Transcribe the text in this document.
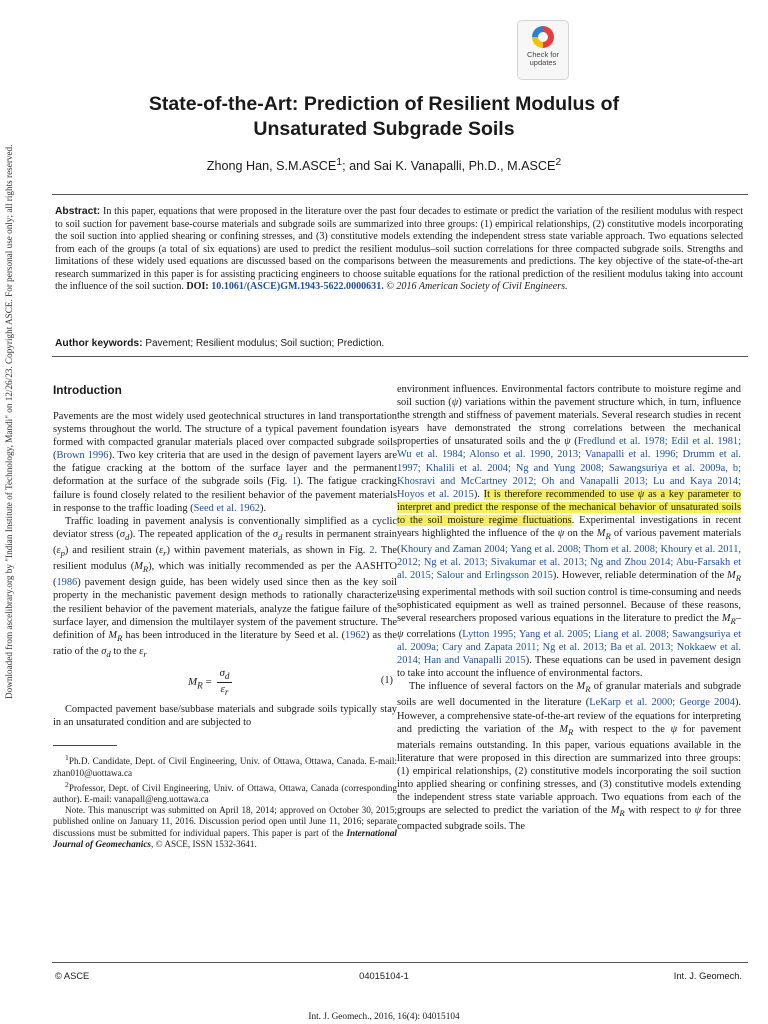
Downloaded from ascelibrary.org by "Indian Institute of Technology, Mandi" on 12/26/23. Copyright ASCE. For personal use only; all rights reserved.
Check for
updates
State-of-the-Art: Prediction of Resilient Modulus of
Unsaturated Subgrade Soils
Zhong Han, S.M.ASCE$^1$; and Sai K. Vanapalli, Ph.D., M.ASCE$^2$

Abstract: In this paper, equations that were proposed in the literature over the past four decades to estimate or predict the variation of the resilient modulus with respect to soil suction for pavement base-course materials and subgrade soils are summarized into three groups: (1) empirical relationships, (2) constitutive models incorporating the soil suction into applied shearing or confining stresses, and (3) constitutive models extending the independent stress state variable approach. Two equations selected from each of the groups (a total of six equations) are used to predict the resilient modulus–soil suction correlations for three compacted subgrade soils. Strengths and limitations of these widely used equations are discussed based on the comparisons between the measurements and predictions. The key objective of the state-of-the-art research summarized in this paper is for assisting practicing engineers to choose suitable equations for the rational prediction of the resilient modulus taking into account the influence of the soil suction. DOI: 10.1061/(ASCE)GM.1943-5622.0000631. © 2016 American Society of Civil Engineers.

Author keywords: Pavement; Resilient modulus; Soil suction; Prediction.
Introduction

Pavements are the most widely used geotechnical structures in land transportation systems throughout the world. The structure of a typical pavement foundation is formed with compacted granular materials placed over compacted subgrade soils (Brown 1996). Two key criteria that are used in the design of pavement layers are the fatigue cracking at the bottom of the surface layer and the permanent deformation at the surface of the subgrade soils (Fig. 1). The fatigue cracking failure is found closely related to the resilient behavior of the pavement materials in response to the traffic loading (Seed et al. 1962).

Traffic loading in pavement analysis is conventionally simplified as a cyclic deviator stress $(\sigma_d)$. The repeated application of the $\sigma_d$ results in permanent strain $(\varepsilon_p)$ and resilient strain $(\varepsilon_r)$ within pavement materials, as shown in Fig. 2. The resilient modulus $(M_R)$, which was initially recommended as per the AASHTO (1986) pavement design guide, has been widely used since then as the key soil property in the mechanistic pavement design methods to rationally characterize the resilient behavior of the pavement materials, analyze the fatigue failure of the surface layer, and dimension the multilayer system of the pavement structure. The definition of $M_R$ has been introduced in the literature by Seed et al. (1962) as the ratio of the $\sigma_d$ to the $\varepsilon_r$

$M_R = \frac{\sigma_d}{\varepsilon_r}$	(1)

Compacted pavement base/subbase materials and subgrade soils typically stay in an unsaturated condition and are subjected to

$^1$Ph.D. Candidate, Dept. of Civil Engineering, Univ. of Ottawa, Ottawa, Canada. E-mail: zhan010@uottawa.ca
$^2$Professor, Dept. of Civil Engineering, Univ. of Ottawa, Ottawa, Canada (corresponding author). E-mail: vanapall@eng.uottawa.ca
Note. This manuscript was submitted on April 18, 2014; approved on October 30, 2015; published online on January 11, 2016. Discussion period open until June 11, 2016; separate discussions must be submitted for individual papers. This paper is part of the International Journal of Geomechanics, © ASCE, ISSN 1532-3641.

environment influences. Environmental factors contribute to moisture regime and soil suction (ψ) variations within the pavement structure which, in turn, influence the strength and stiffness of pavement materials. Several research studies in recent years have demonstrated the strong correlations between the mechanical properties of unsaturated soils and the ψ (Fredlund et al. 1978; Edil et al. 1981; Wu et al. 1984; Alonso et al. 1990, 2013; Vanapalli et al. 1996; Drumm et al. 1997; Khalili et al. 2004; Ng and Yung 2008; Sawangsuriya et al. 2009a, b; Khosravi and McCartney 2012; Oh and Vanapalli 2013; Lu and Kaya 2014; Hoyos et al. 2015). It is therefore recommended to use ψ as a key parameter to interpret and predict the response of the mechanical behavior of unsaturated soils to the soil moisture regime fluctuations. Experimental investigations in recent years highlighted the influence of the ψ on the $M_R$ of various pavement materials (Khoury and Zaman 2004; Yang et al. 2008; Thom et al. 2008; Khoury et al. 2011, 2012; Ng et al. 2013; Sivakumar et al. 2013; Ng and Zhou 2014; Abu-Farsakh et al. 2015; Salour and Erlingsson 2015). However, reliable determination of the $M_R$ using experimental methods with soil suction control is time-consuming and needs sophisticated equipment as well as trained personnel. Because of these reasons, several researchers proposed various equations in the literature to predict the $M_R-\psi$ correlations (Lytton 1995; Yang et al. 2005; Liang et al. 2008; Sawangsuriya et al. 2009a; Cary and Zapata 2011; Ng et al. 2013; Ba et al. 2013; Nokkaew et al. 2014; Han and Vanapalli 2015). These equations can be used in pavement design to take into account the influence of environmental factors.

The influence of several factors on the $M_R$ of granular materials and subgrade soils are well documented in the literature (LeKarp et al. 2000; George 2004). However, a comprehensive state-of-the-art review of the equations for interpreting and predicting the variation of the $M_R$ with respect to the ψ for pavement materials remains outstanding. In this paper, various equations available in the literature that were proposed in this direction are summarized into three groups: (1) empirical relationships, (2) constitutive models incorporating the soil suction into applied shearing or confining stresses, and (3) constitutive models extending the independent stress state variable approach. Two equations from each of the groups are selected to predict the variation of the $M_R$ with respect to ψ for three compacted subgrade soils. The

© ASCE	04015104-1	Int. J. Geomech.
Int. J. Geomech., 2016, 16(4): 04015104
